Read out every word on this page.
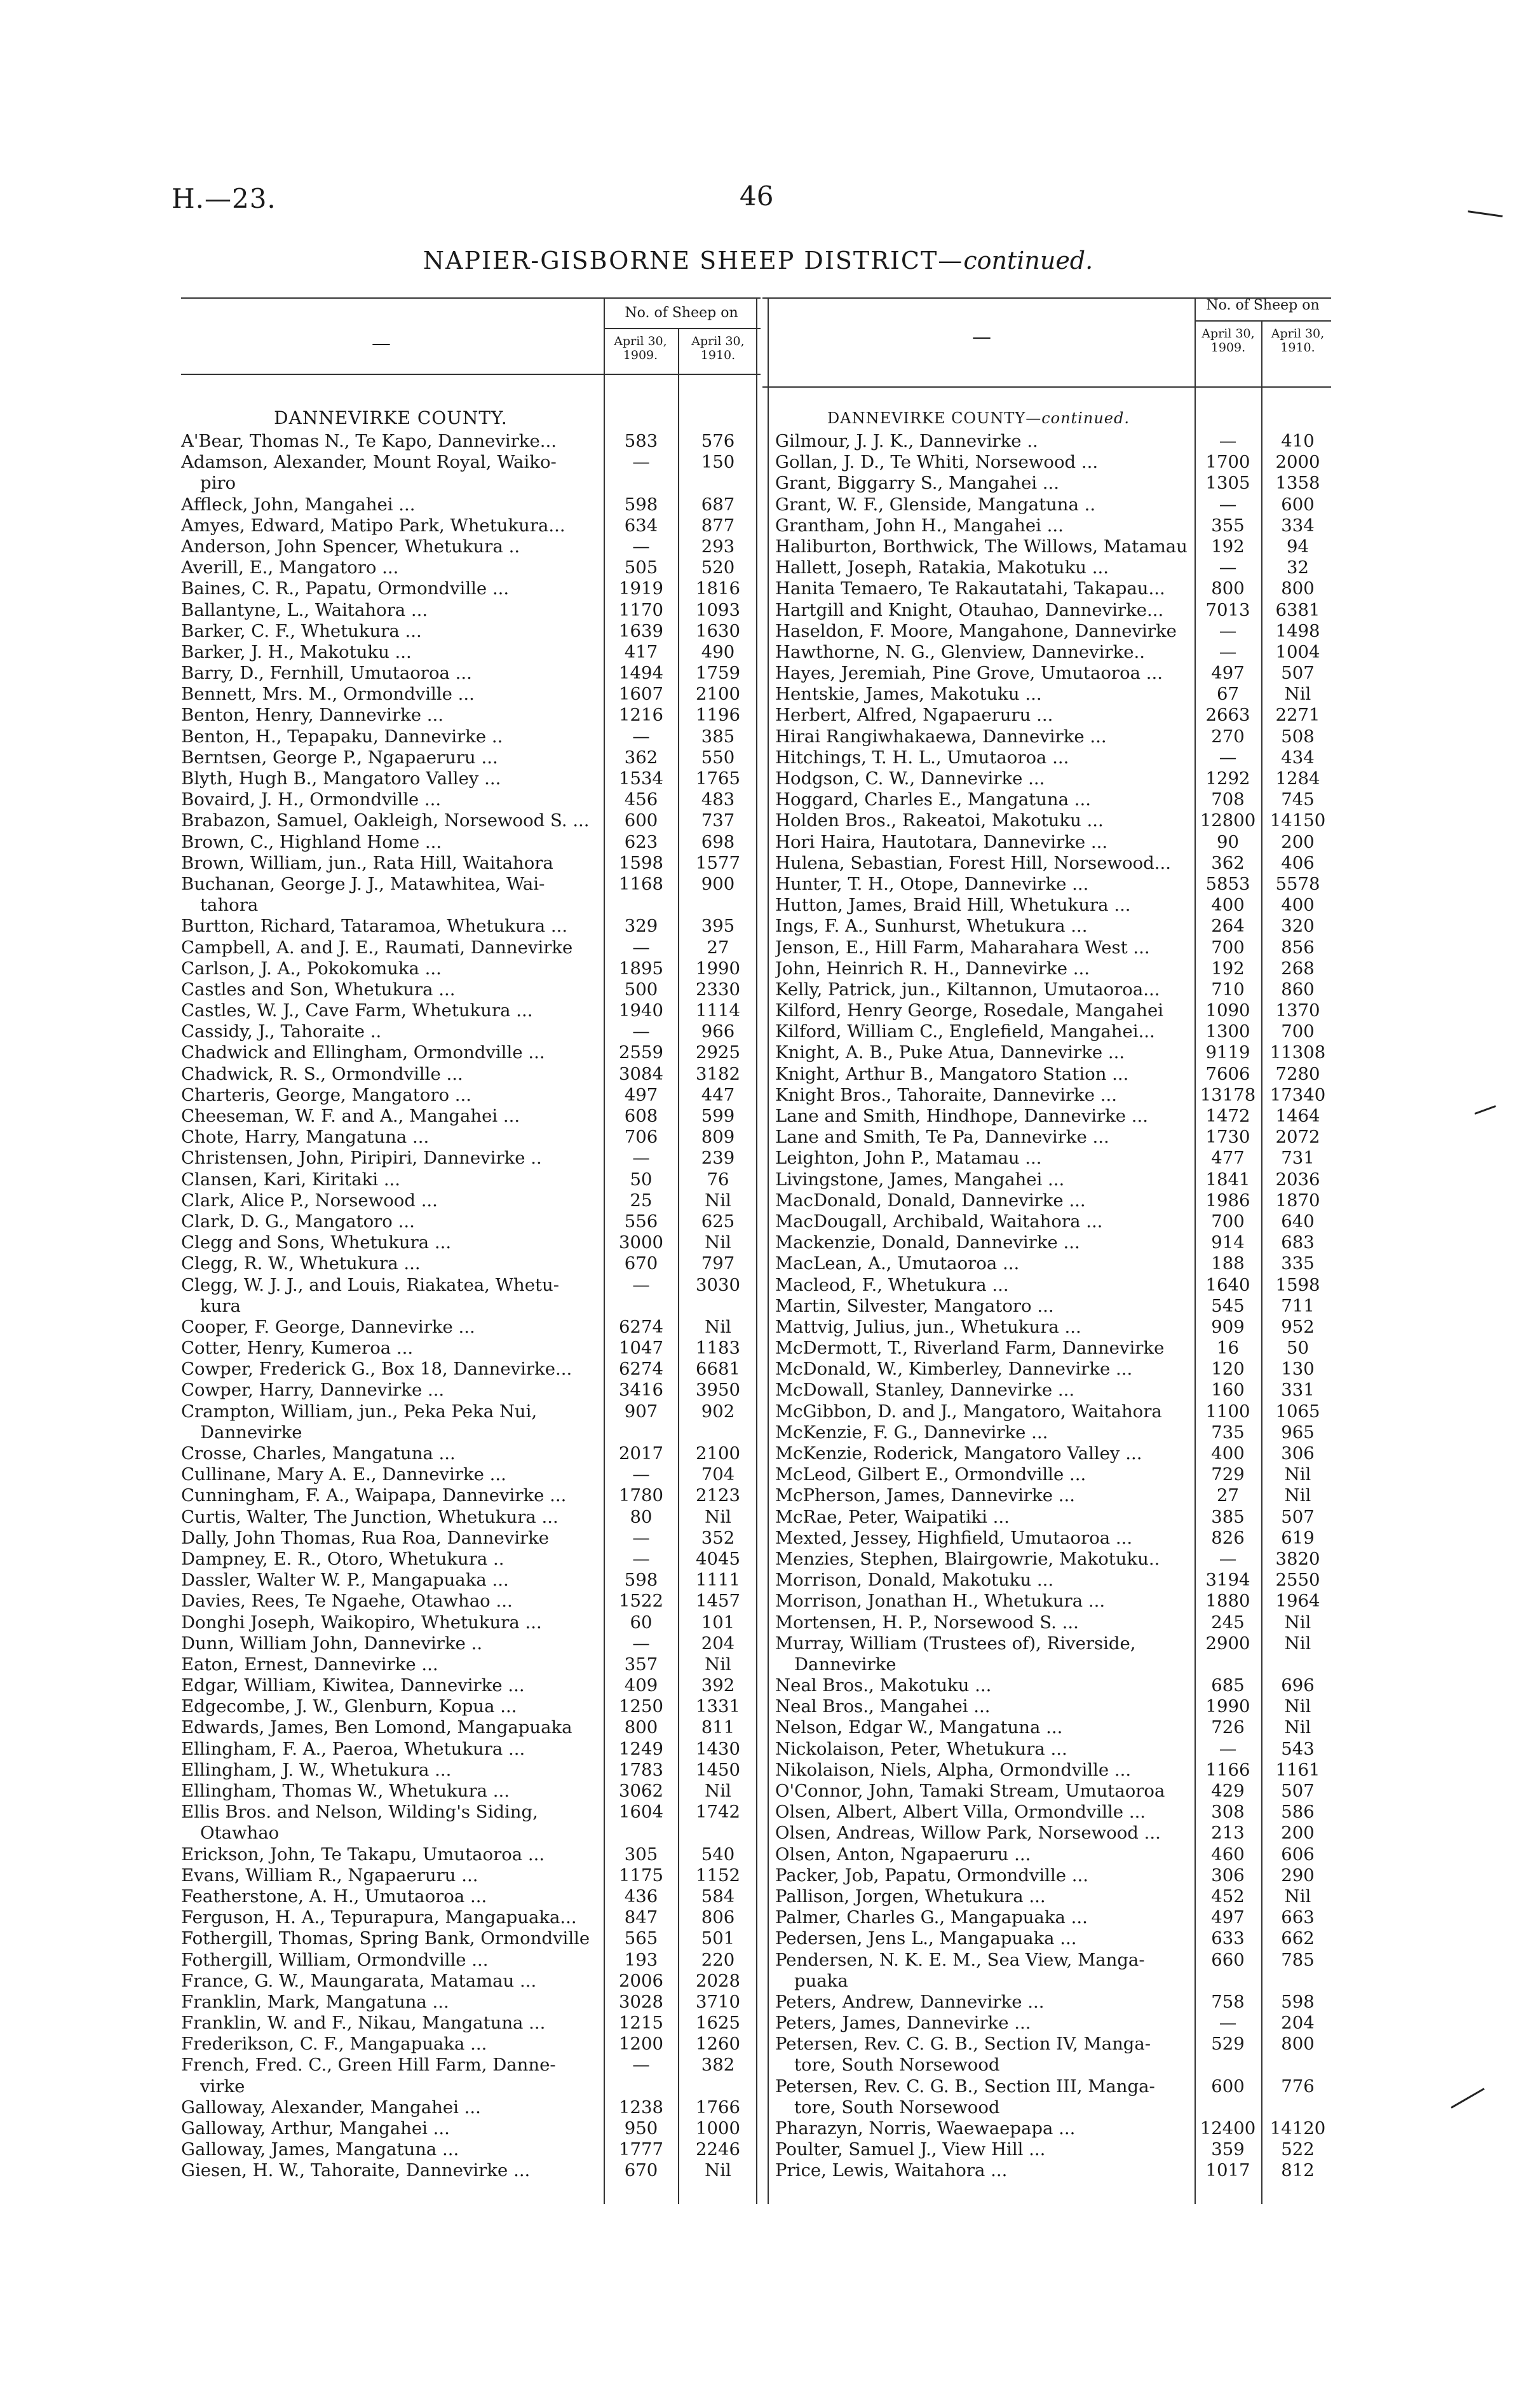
H.—23.	46
NAPIER-GISBORNE SHEEP DISTRICT—continued.
—
No. of Sheep on
April 30, 1909.
April 30, 1910.
DANNEVIRKE COUNTY.
A'Bear, Thomas N., Te Kapo, Dannevirke...	583	576
Adamson, Alexander, Mount Royal, Waiko-	—	150
piro
Affleck, John, Mangahei ...	598	687
Amyes, Edward, Matipo Park, Whetukura...	634	877
Anderson, John Spencer, Whetukura ..	—	293
Averill, E., Mangatoro ...	505	520
Baines, C. R., Papatu, Ormondville ...	1919	1816
Ballantyne, L., Waitahora ...	1170	1093
Barker, C. F., Whetukura ...	1639	1630
Barker, J. H., Makotuku ...	417	490
Barry, D., Fernhill, Umutaoroa ...	1494	1759
Bennett, Mrs. M., Ormondville ...	1607	2100
Benton, Henry, Dannevirke ...	1216	1196
Benton, H., Tepapaku, Dannevirke ..	—	385
Berntsen, George P., Ngapaeruru ...	362	550
Blyth, Hugh B., Mangatoro Valley ...	1534	1765
Bovaird, J. H., Ormondville ...	456	483
Brabazon, Samuel, Oakleigh, Norsewood S. ...	600	737
Brown, C., Highland Home ...	623	698
Brown, William, jun., Rata Hill, Waitahora	1598	1577
Buchanan, George J. J., Matawhitea, Wai-	1168	900
tahora
Burtton, Richard, Tataramoa, Whetukura ...	329	395
Campbell, A. and J. E., Raumati, Dannevirke	—	27
Carlson, J. A., Pokokomuka ...	1895	1990
Castles and Son, Whetukura ...	500	2330
Castles, W. J., Cave Farm, Whetukura ...	1940	1114
Cassidy, J., Tahoraite ..	—	966
Chadwick and Ellingham, Ormondville ...	2559	2925
Chadwick, R. S., Ormondville ...	3084	3182
Charteris, George, Mangatoro ...	497	447
Cheeseman, W. F. and A., Mangahei ...	608	599
Chote, Harry, Mangatuna ...	706	809
Christensen, John, Piripiri, Dannevirke ..	—	239
Clansen, Kari, Kiritaki ...	50	76
Clark, Alice P., Norsewood ...	25	Nil
Clark, D. G., Mangatoro ...	556	625
Clegg and Sons, Whetukura ...	3000	Nil
Clegg, R. W., Whetukura ...	670	797
Clegg, W. J. J., and Louis, Riakatea, Whetu-	—	3030
kura
Cooper, F. George, Dannevirke ...	6274	Nil
Cotter, Henry, Kumeroa ...	1047	1183
Cowper, Frederick G., Box 18, Dannevirke...	6274	6681
Cowper, Harry, Dannevirke ...	3416	3950
Crampton, William, jun., Peka Peka Nui,	907	902
Dannevirke
Crosse, Charles, Mangatuna ...	2017	2100
Cullinane, Mary A. E., Dannevirke ...	—	704
Cunningham, F. A., Waipapa, Dannevirke ...	1780	2123
Curtis, Walter, The Junction, Whetukura ...	80	Nil
Dally, John Thomas, Rua Roa, Dannevirke	—	352
Dampney, E. R., Otoro, Whetukura ..	—	4045
Dassler, Walter W. P., Mangapuaka ...	598	1111
Davies, Rees, Te Ngaehe, Otawhao ...	1522	1457
Donghi Joseph, Waikopiro, Whetukura ...	60	101
Dunn, William John, Dannevirke ..	—	204
Eaton, Ernest, Dannevirke ...	357	Nil
Edgar, William, Kiwitea, Dannevirke ...	409	392
Edgecombe, J. W., Glenburn, Kopua ...	1250	1331
Edwards, James, Ben Lomond, Mangapuaka	800	811
Ellingham, F. A., Paeroa, Whetukura ...	1249	1430
Ellingham, J. W., Whetukura ...	1783	1450
Ellingham, Thomas W., Whetukura ...	3062	Nil
Ellis Bros. and Nelson, Wilding's Siding,	1604	1742
Otawhao
Erickson, John, Te Takapu, Umutaoroa ...	305	540
Evans, William R., Ngapaeruru ...	1175	1152
Featherstone, A. H., Umutaoroa ...	436	584
Ferguson, H. A., Tepurapura, Mangapuaka...	847	806
Fothergill, Thomas, Spring Bank, Ormondville	565	501
Fothergill, William, Ormondville ...	193	220
France, G. W., Maungarata, Matamau ...	2006	2028
Franklin, Mark, Mangatuna ...	3028	3710
Franklin, W. and F., Nikau, Mangatuna ...	1215	1625
Frederikson, C. F., Mangapuaka ...	1200	1260
French, Fred. C., Green Hill Farm, Danne-	—	382
virke
Galloway, Alexander, Mangahei ...	1238	1766
Galloway, Arthur, Mangahei ...	950	1000
Galloway, James, Mangatuna ...	1777	2246
Giesen, H. W., Tahoraite, Dannevirke ...	670	Nil
—
No. of Sheep on
April 30, 1909.
April 30, 1910.
DANNEVIRKE COUNTY—continued.
Gilmour, J. J. K., Dannevirke ..	—	410
Gollan, J. D., Te Whiti, Norsewood ...	1700	2000
Grant, Biggarry S., Mangahei ...	1305	1358
Grant, W. F., Glenside, Mangatuna ..	—	600
Grantham, John H., Mangahei ...	355	334
Haliburton, Borthwick, The Willows, Matamau	192	94
Hallett, Joseph, Ratakia, Makotuku ...	—	32
Hanita Temaero, Te Rakautatahi, Takapau...	800	800
Hartgill and Knight, Otauhao, Dannevirke...	7013	6381
Haseldon, F. Moore, Mangahone, Dannevirke	—	1498
Hawthorne, N. G., Glenview, Dannevirke..	—	1004
Hayes, Jeremiah, Pine Grove, Umutaoroa ...	497	507
Hentskie, James, Makotuku ...	67	Nil
Herbert, Alfred, Ngapaeruru ...	2663	2271
Hirai Rangiwhakaewa, Dannevirke ...	270	508
Hitchings, T. H. L., Umutaoroa ...	—	434
Hodgson, C. W., Dannevirke ...	1292	1284
Hoggard, Charles E., Mangatuna ...	708	745
Holden Bros., Rakeatoi, Makotuku ...	12800 14150
Hori Haira, Hautotara, Dannevirke ...	90	200
Hulena, Sebastian, Forest Hill, Norsewood...	362	406
Hunter, T. H., Otope, Dannevirke ...	5853	5578
Hutton, James, Braid Hill, Whetukura ...	400	400
Ings, F. A., Sunhurst, Whetukura ...	264	320
Jenson, E., Hill Farm, Maharahara West ...	700	856
John, Heinrich R. H., Dannevirke ...	192	268
Kelly, Patrick, jun., Kiltannon, Umutaoroa...	710	860
Kilford, Henry George, Rosedale, Mangahei	1090	1370
Kilford, William C., Englefield, Mangahei...	1300	700
Knight, A. B., Puke Atua, Dannevirke ...	9119	11308
Knight, Arthur B., Mangatoro Station ...	7606	7280
Knight Bros., Tahoraite, Dannevirke ...	13178 17340
Lane and Smith, Hindhope, Dannevirke ...	1472	1464
Lane and Smith, Te Pa, Dannevirke ...	1730	2072
Leighton, John P., Matamau ...	477	731
Livingstone, James, Mangahei ...	1841	2036
MacDonald, Donald, Dannevirke ...	1986	1870
MacDougall, Archibald, Waitahora ...	700	640
Mackenzie, Donald, Dannevirke ...	914	683
MacLean, A., Umutaoroa ...	188	335
Macleod, F., Whetukura ...	1640	1598
Martin, Silvester, Mangatoro ...	545	711
Mattvig, Julius, jun., Whetukura ...	909	952
McDermott, T., Riverland Farm, Dannevirke	16	50
McDonald, W., Kimberley, Dannevirke ...	120	130
McDowall, Stanley, Dannevirke ...	160	331
McGibbon, D. and J., Mangatoro, Waitahora	1100	1065
McKenzie, F. G., Dannevirke ...	735	965
McKenzie, Roderick, Mangatoro Valley ...	400	306
McLeod, Gilbert E., Ormondville ...	729	Nil
McPherson, James, Dannevirke ...	27	Nil
McRae, Peter, Waipatiki ...	385	507
Mexted, Jessey, Highfield, Umutaoroa ...	826	619
Menzies, Stephen, Blairgowrie, Makotuku..	—	3820
Morrison, Donald, Makotuku ...	3194	2550
Morrison, Jonathan H., Whetukura ...	1880	1964
Mortensen, H. P., Norsewood S. ...	245	Nil
Murray, William (Trustees of), Riverside,	2900	Nil
Dannevirke
Neal Bros., Makotuku ...	685	696
Neal Bros., Mangahei ...	1990	Nil
Nelson, Edgar W., Mangatuna ...	726	Nil
Nickolaison, Peter, Whetukura ...	—	543
Nikolaison, Niels, Alpha, Ormondville ...	1166	1161
O'Connor, John, Tamaki Stream, Umutaoroa	429	507
Olsen, Albert, Albert Villa, Ormondville ...	308	586
Olsen, Andreas, Willow Park, Norsewood ...	213	200
Olsen, Anton, Ngapaeruru ...	460	606
Packer, Job, Papatu, Ormondville ...	306	290
Pallison, Jorgen, Whetukura ...	452	Nil
Palmer, Charles G., Mangapuaka ...	497	663
Pedersen, Jens L., Mangapuaka ...	633	662
Pendersen, N. K. E. M., Sea View, Manga-	660	785
puaka
Peters, Andrew, Dannevirke ...	758	598
Peters, James, Dannevirke ...	—	204
Petersen, Rev. C. G. B., Section IV, Manga-	529	800
tore, South Norsewood
Petersen, Rev. C. G. B., Section III, Manga-	600	776
tore, South Norsewood
Pharazyn, Norris, Waewaepapa ...	12400 14120
Poulter, Samuel J., View Hill ...	359	522
Price, Lewis, Waitahora ...	1017	812
